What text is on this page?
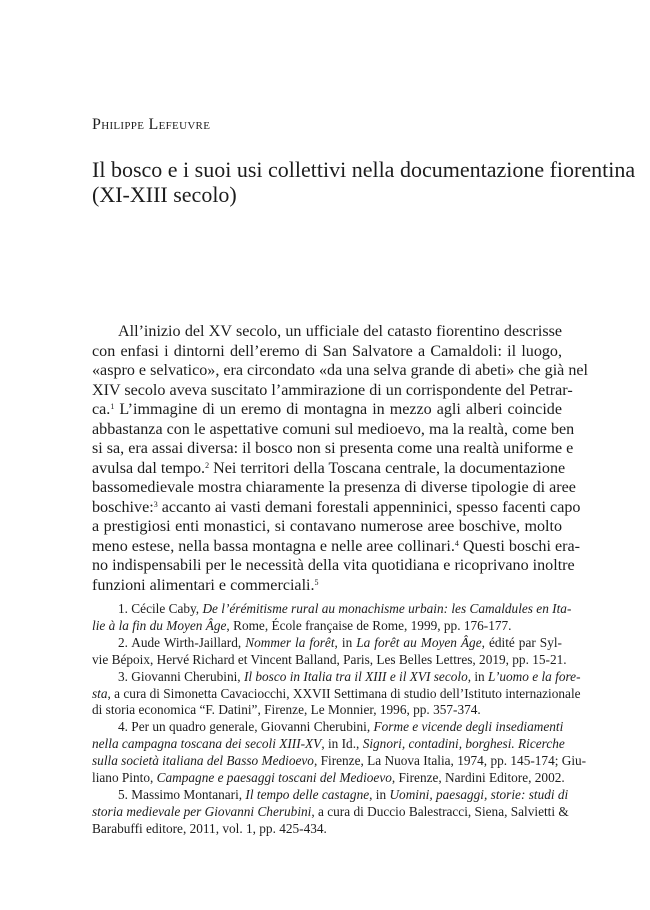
Philippe Lefeuvre
Il bosco e i suoi usi collettivi nella documentazione fiorentina
(XI-XIII secolo)
All’inizio del XV secolo, un ufficiale del catasto fiorentino descrisse
con enfasi i dintorni dell’eremo di San Salvatore a Camaldoli: il luogo,
«aspro e selvatico», era circondato «da una selva grande di abeti» che già nel
XIV secolo aveva suscitato l’ammirazione di un corrispondente del Petrar-
ca.$^1$ L’immagine di un eremo di montagna in mezzo agli alberi coincide
abbastanza con le aspettative comuni sul medioevo, ma la realtà, come ben
si sa, era assai diversa: il bosco non si presenta come una realtà uniforme e
avulsa dal tempo.$^2$ Nei territori della Toscana centrale, la documentazione
bassomedievale mostra chiaramente la presenza di diverse tipologie di aree
boschive:$^3$ accanto ai vasti demani forestali appenninici, spesso facenti capo
a prestigiosi enti monastici, si contavano numerose aree boschive, molto
meno estese, nella bassa montagna e nelle aree collinari.$^4$ Questi boschi era-
no indispensabili per le necessità della vita quotidiana e ricoprivano inoltre
funzioni alimentari e commerciali.$^5$
1. Cécile Caby, De l’érémitisme rural au monachisme urbain: les Camaldules en Ita-
lie à la fin du Moyen Âge, Rome, École française de Rome, 1999, pp. 176-177.
2. Aude Wirth-Jaillard, Nommer la forêt, in La forêt au Moyen Âge, édité par Syl-
vie Bépoix, Hervé Richard et Vincent Balland, Paris, Les Belles Lettres, 2019, pp. 15-21.
3. Giovanni Cherubini, Il bosco in Italia tra il XIII e il XVI secolo, in L’uomo e la fore-
sta, a cura di Simonetta Cavaciocchi, XXVII Settimana di studio dell’Istituto internazionale
di storia economica “F. Datini”, Firenze, Le Monnier, 1996, pp. 357-374.
4. Per un quadro generale, Giovanni Cherubini, Forme e vicende degli insediamenti
nella campagna toscana dei secoli XIII-XV, in Id., Signori, contadini, borghesi. Ricerche
sulla società italiana del Basso Medioevo, Firenze, La Nuova Italia, 1974, pp. 145-174; Giu-
liano Pinto, Campagne e paesaggi toscani del Medioevo, Firenze, Nardini Editore, 2002.
5. Massimo Montanari, Il tempo delle castagne, in Uomini, paesaggi, storie: studi di
storia medievale per Giovanni Cherubini, a cura di Duccio Balestracci, Siena, Salvietti &
Barabuffi editore, 2011, vol. 1, pp. 425-434.
